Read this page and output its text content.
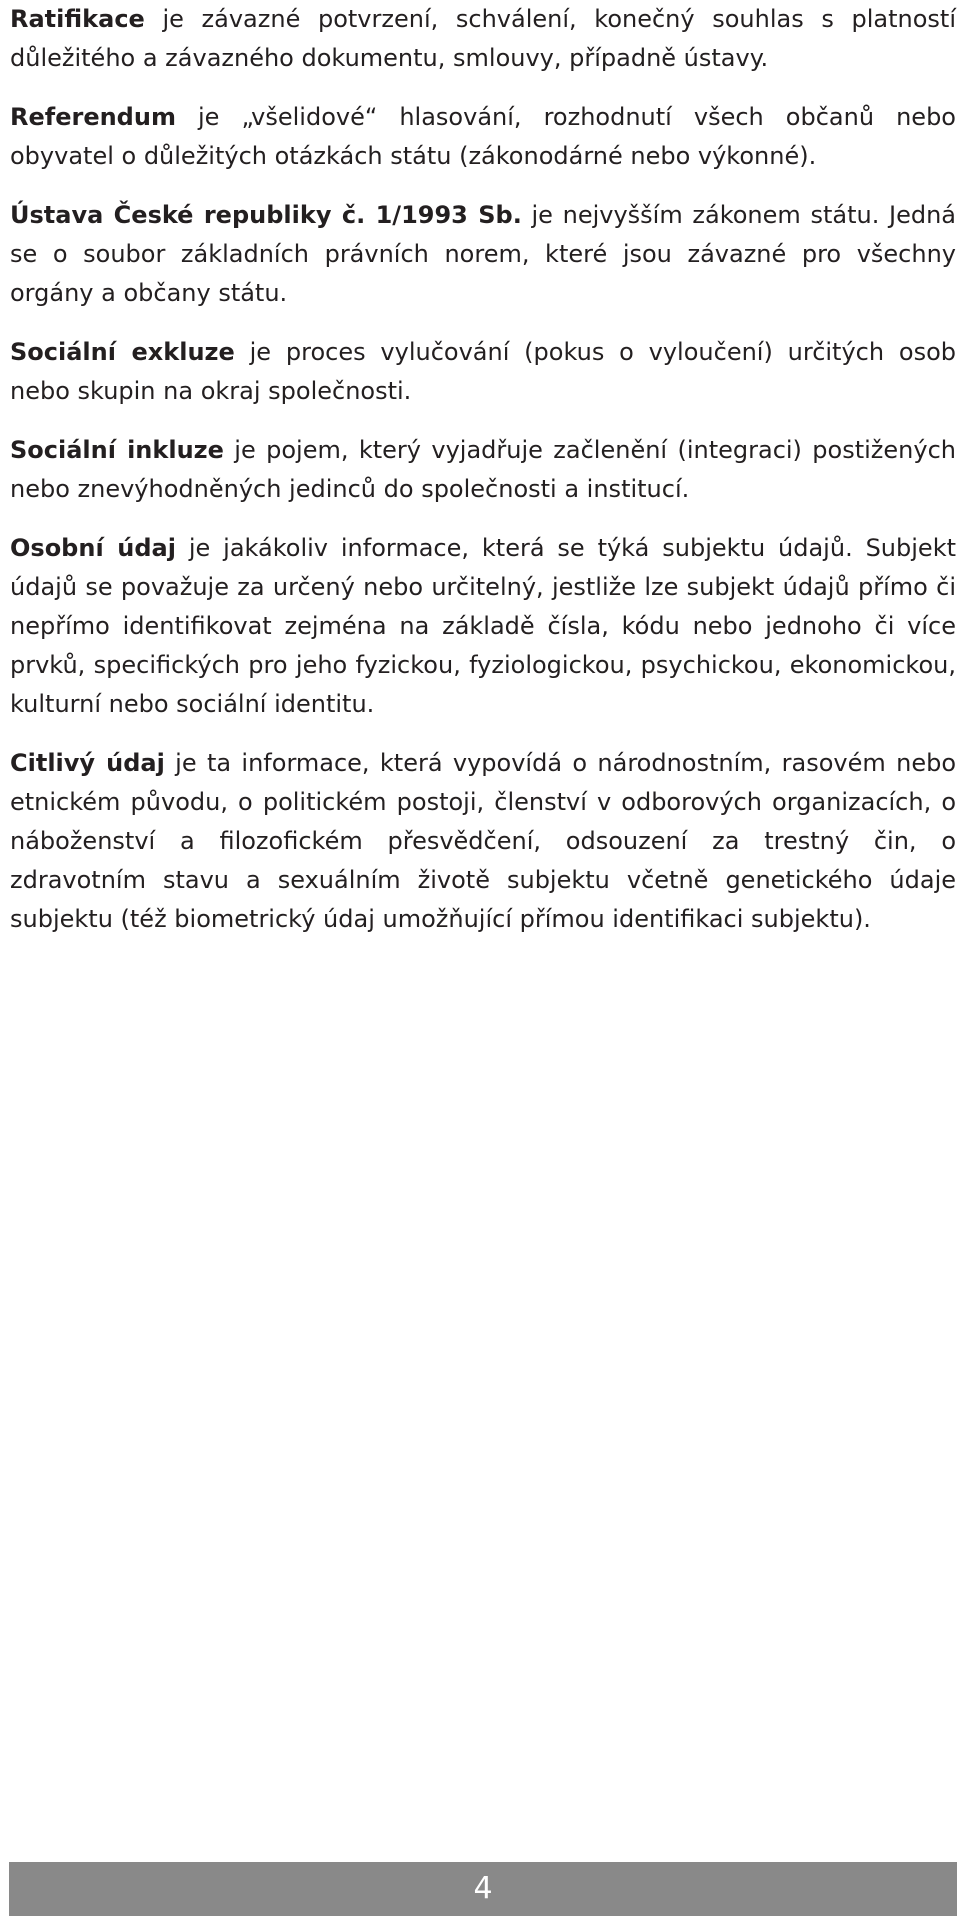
Ratifikace je závazné potvrzení, schválení, konečný souhlas s platností důležitého a závazného dokumentu, smlouvy, případně ústavy.

Referendum je „všelidové“ hlasování, rozhodnutí všech občanů nebo obyvatel o důležitých otázkách státu (zákonodárné nebo výkonné).

Ústava České republiky č. 1/1993 Sb. je nejvyšším zákonem státu. Jedná se o soubor základních právních norem, které jsou závazné pro všechny orgány a občany státu.

Sociální exkluze je proces vylučování (pokus o vyloučení) určitých osob nebo skupin na okraj společnosti.

Sociální inkluze je pojem, který vyjadřuje začlenění (integraci) postižených nebo znevýhodněných jedinců do společnosti a institucí.

Osobní údaj je jakákoliv informace, která se týká subjektu údajů. Subjekt údajů se považuje za určený nebo určitelný, jestliže lze subjekt údajů přímo či nepřímo identifikovat zejména na základě čísla, kódu nebo jednoho či více prvků, specifických pro jeho fyzickou, fyziologickou, psychickou, ekonomickou, kulturní nebo sociální identitu.

Citlivý údaj je ta informace, která vypovídá o národnostním, rasovém nebo etnickém původu, o politickém postoji, členství v odborových organizacích, o náboženství a filozofickém přesvědčení, odsouzení za trestný čin, o zdravotním stavu a sexuálním životě subjektu včetně genetického údaje subjektu (též biometrický údaj umožňující přímou identifikaci subjektu).

4
